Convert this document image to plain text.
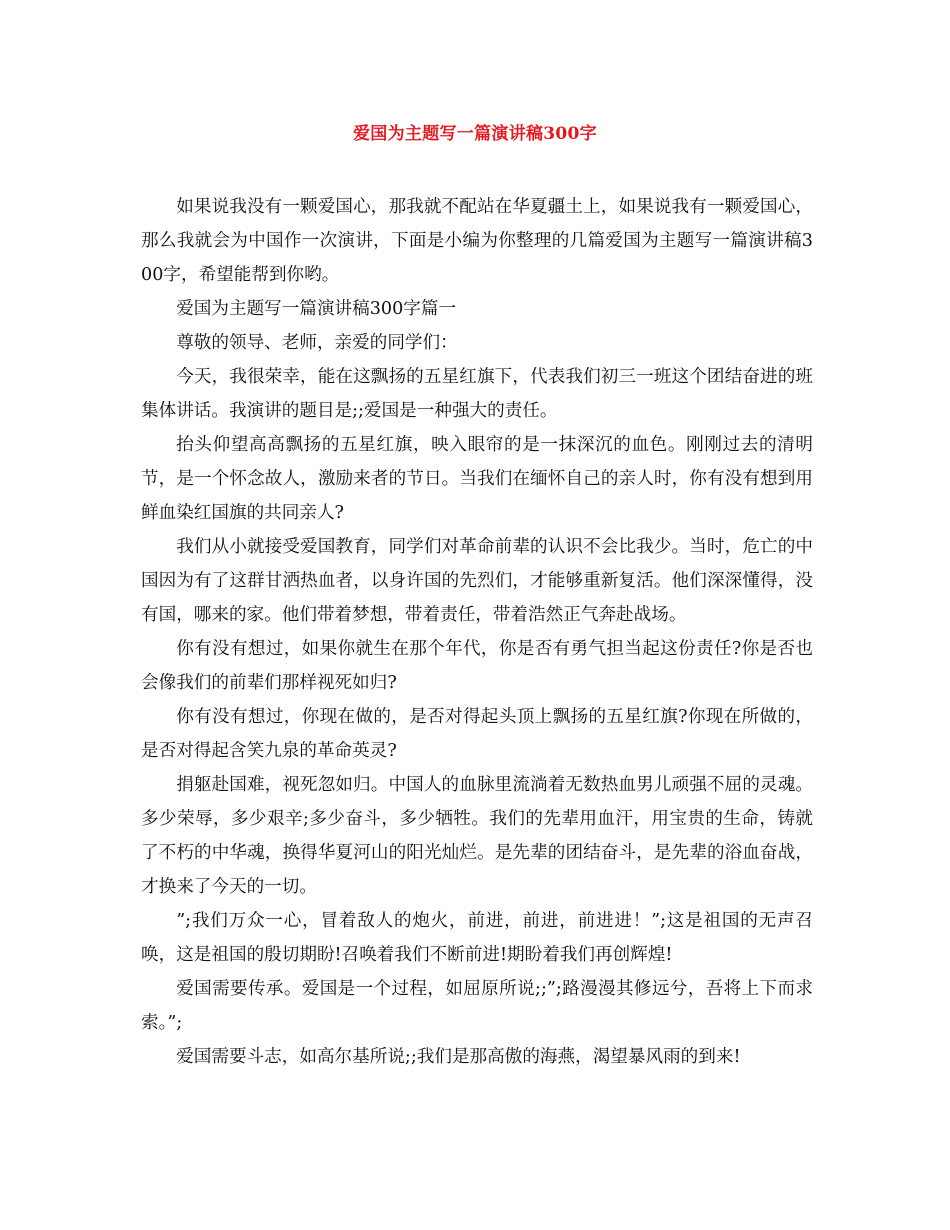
爱国为主题写一篇演讲稿300字

如果说我没有一颗爱国心，那我就不配站在华夏疆土上，如果说我有一颗爱国心，那么我就会为中国作一次演讲，下面是小编为你整理的几篇爱国为主题写一篇演讲稿300字，希望能帮到你哟。

爱国为主题写一篇演讲稿300字篇一

尊敬的领导、老师，亲爱的同学们：

今天，我很荣幸，能在这飘扬的五星红旗下，代表我们初三一班这个团结奋进的班集体讲话。我演讲的题目是;;爱国是一种强大的责任。

抬头仰望高高飘扬的五星红旗，映入眼帘的是一抹深沉的血色。刚刚过去的清明节，是一个怀念故人，激励来者的节日。当我们在缅怀自己的亲人时，你有没有想到用鲜血染红国旗的共同亲人?

我们从小就接受爱国教育，同学们对革命前辈的认识不会比我少。当时，危亡的中国因为有了这群甘洒热血者，以身许国的先烈们，才能够重新复活。他们深深懂得，没有国，哪来的家。他们带着梦想，带着责任，带着浩然正气奔赴战场。

你有没有想过，如果你就生在那个年代，你是否有勇气担当起这份责任?你是否也会像我们的前辈们那样视死如归?

你有没有想过，你现在做的，是否对得起头顶上飘扬的五星红旗?你现在所做的，是否对得起含笑九泉的革命英灵?

捐躯赴国难，视死忽如归。中国人的血脉里流淌着无数热血男儿顽强不屈的灵魂。多少荣辱，多少艰辛;多少奋斗，多少牺牲。我们的先辈用血汗，用宝贵的生命，铸就了不朽的中华魂，换得华夏河山的阳光灿烂。是先辈的团结奋斗，是先辈的浴血奋战，才换来了今天的一切。

”;我们万众一心，冒着敌人的炮火，前进，前进，前进进！”;这是祖国的无声召唤，这是祖国的殷切期盼!召唤着我们不断前进!期盼着我们再创辉煌!

爱国需要传承。爱国是一个过程，如屈原所说;;”;路漫漫其修远兮，吾将上下而求索。”;

爱国需要斗志，如高尔基所说;;我们是那高傲的海燕，渴望暴风雨的到来!
